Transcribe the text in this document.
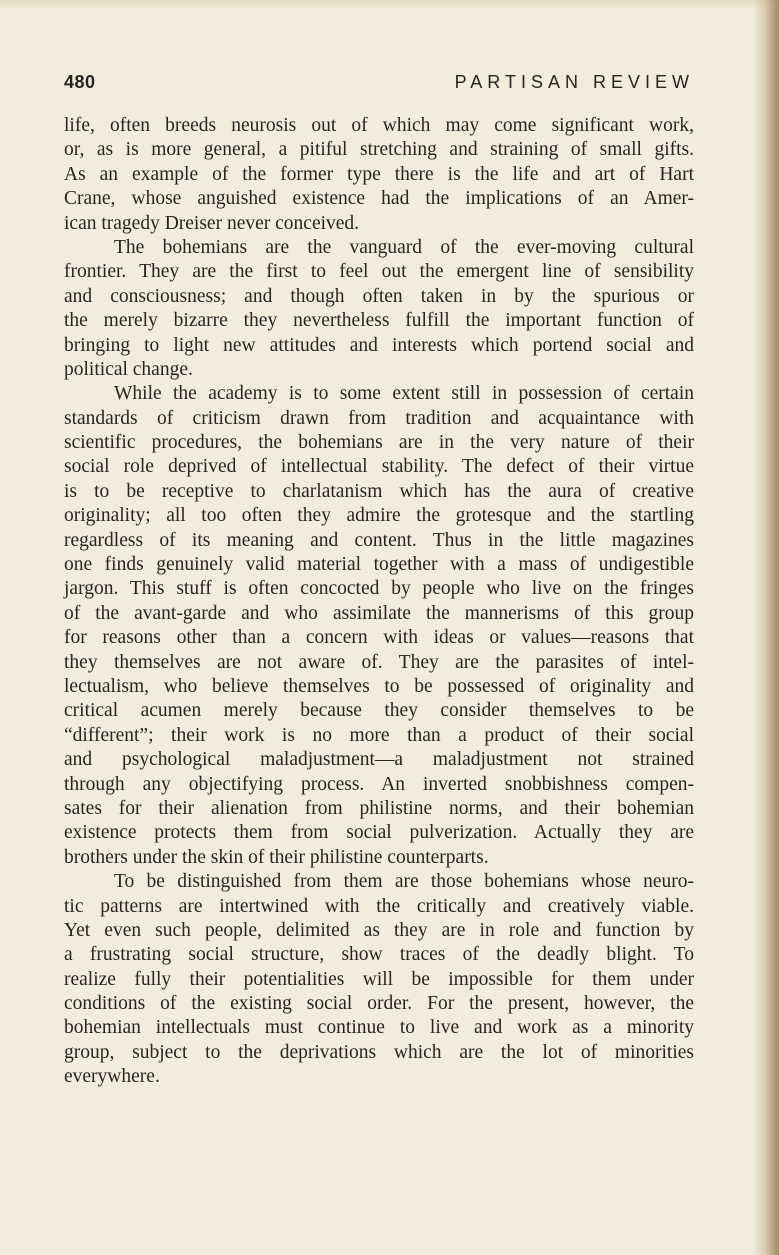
480	PARTISAN REVIEW

life, often breeds neurosis out of which may come significant work,
or, as is more general, a pitiful stretching and straining of small gifts.
As an example of the former type there is the life and art of Hart
Crane, whose anguished existence had the implications of an Amer-
ican tragedy Dreiser never conceived.

The bohemians are the vanguard of the ever-moving cultural
frontier. They are the first to feel out the emergent line of sensibility
and consciousness; and though often taken in by the spurious or
the merely bizarre they nevertheless fulfill the important function of
bringing to light new attitudes and interests which portend social and
political change.

While the academy is to some extent still in possession of certain
standards of criticism drawn from tradition and acquaintance with
scientific procedures, the bohemians are in the very nature of their
social role deprived of intellectual stability. The defect of their virtue
is to be receptive to charlatanism which has the aura of creative
originality; all too often they admire the grotesque and the startling
regardless of its meaning and content. Thus in the little magazines
one finds genuinely valid material together with a mass of undigestible
jargon. This stuff is often concocted by people who live on the fringes
of the avant-garde and who assimilate the mannerisms of this group
for reasons other than a concern with ideas or values—reasons that
they themselves are not aware of. They are the parasites of intel-
lectualism, who believe themselves to be possessed of originality and
critical acumen merely because they consider themselves to be
“different”; their work is no more than a product of their social
and psychological maladjustment—a maladjustment not strained
through any objectifying process. An inverted snobbishness compen-
sates for their alienation from philistine norms, and their bohemian
existence protects them from social pulverization. Actually they are
brothers under the skin of their philistine counterparts.

To be distinguished from them are those bohemians whose neuro-
tic patterns are intertwined with the critically and creatively viable.
Yet even such people, delimited as they are in role and function by
a frustrating social structure, show traces of the deadly blight. To
realize fully their potentialities will be impossible for them under
conditions of the existing social order. For the present, however, the
bohemian intellectuals must continue to live and work as a minority
group, subject to the deprivations which are the lot of minorities
everywhere.
